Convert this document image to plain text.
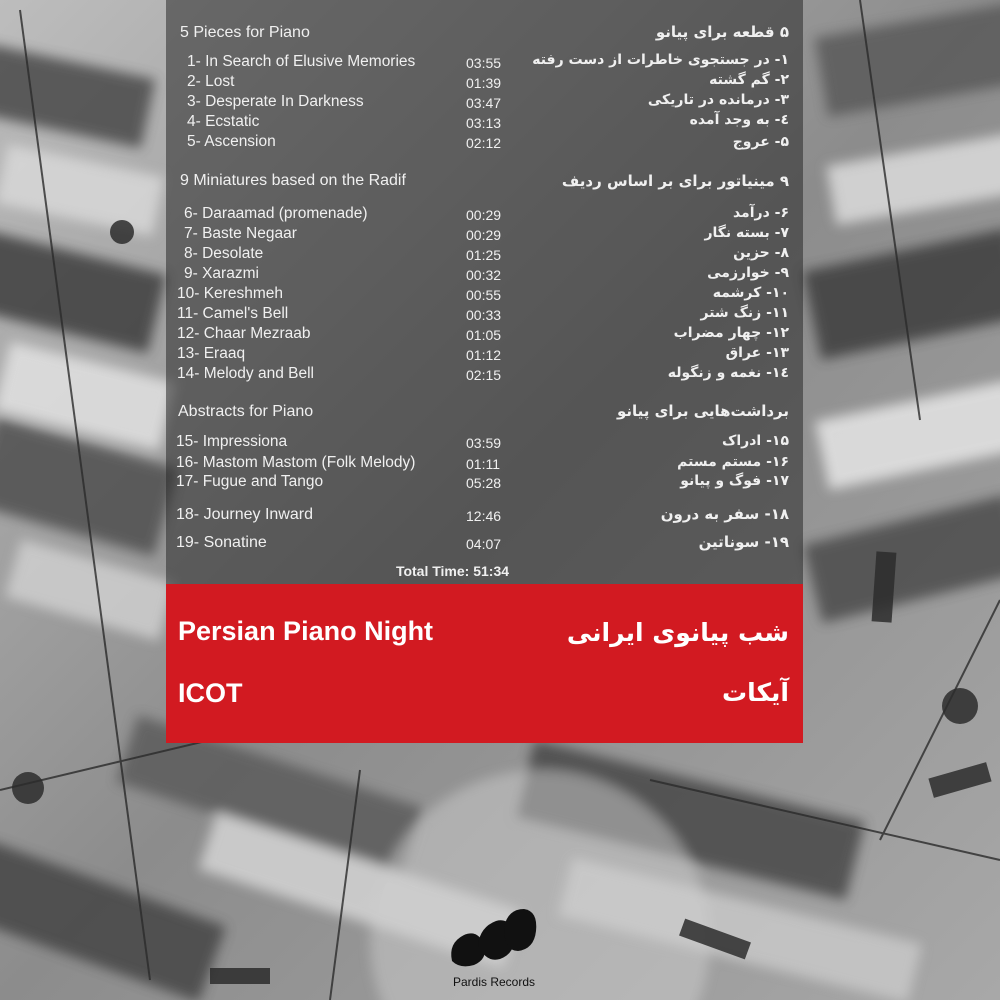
5 Pieces for Piano	۵ قطعه برای پیانو
1- In Search of Elusive Memories	03:55 ۱- در جستجوی خاطرات از دست رفته
2- Lost	01:39	۲- گم گشته
3- Desperate In Darkness	03:47	۳- درمانده در تاریکی
4- Ecstatic	03:13	٤- به وجد آمده
5- Ascension	02:12	۵- عروج
9 Miniatures based on the Radif	۹ مینیاتور برای بر اساس ردیف
6- Daraamad (promenade)	00:29	۶- درآمد
7- Baste Negaar	00:29	۷- بسته نگار
8- Desolate	01:25	۸- حزین
9- Xarazmi	00:32	۹- خوارزمی
10- Kereshmeh	00:55	۱۰- کرشمه
11- Camel's Bell	00:33	۱۱- زنگ شتر
12- Chaar Mezraab	01:05	۱۲- چهار مضراب
13- Eraaq	01:12	۱۳- عراق
14- Melody and Bell	02:15	۱٤- نغمه و زنگوله
Abstracts for Piano	برداشت‌هایی برای پیانو
15- Impressiona	03:59	۱۵- ادراک
16- Mastom Mastom (Folk Melody)	01:11	۱۶- مستم مستم
17- Fugue and Tango	05:28	۱۷- فوگ و پیانو
18- Journey Inward	12:46	۱۸- سفر به درون
19- Sonatine	04:07	۱۹- سوناتین
Total Time: 51:34
Persian Piano Night	شب پیانوی ایرانی
ICOT	آیکات
Pardis Records
